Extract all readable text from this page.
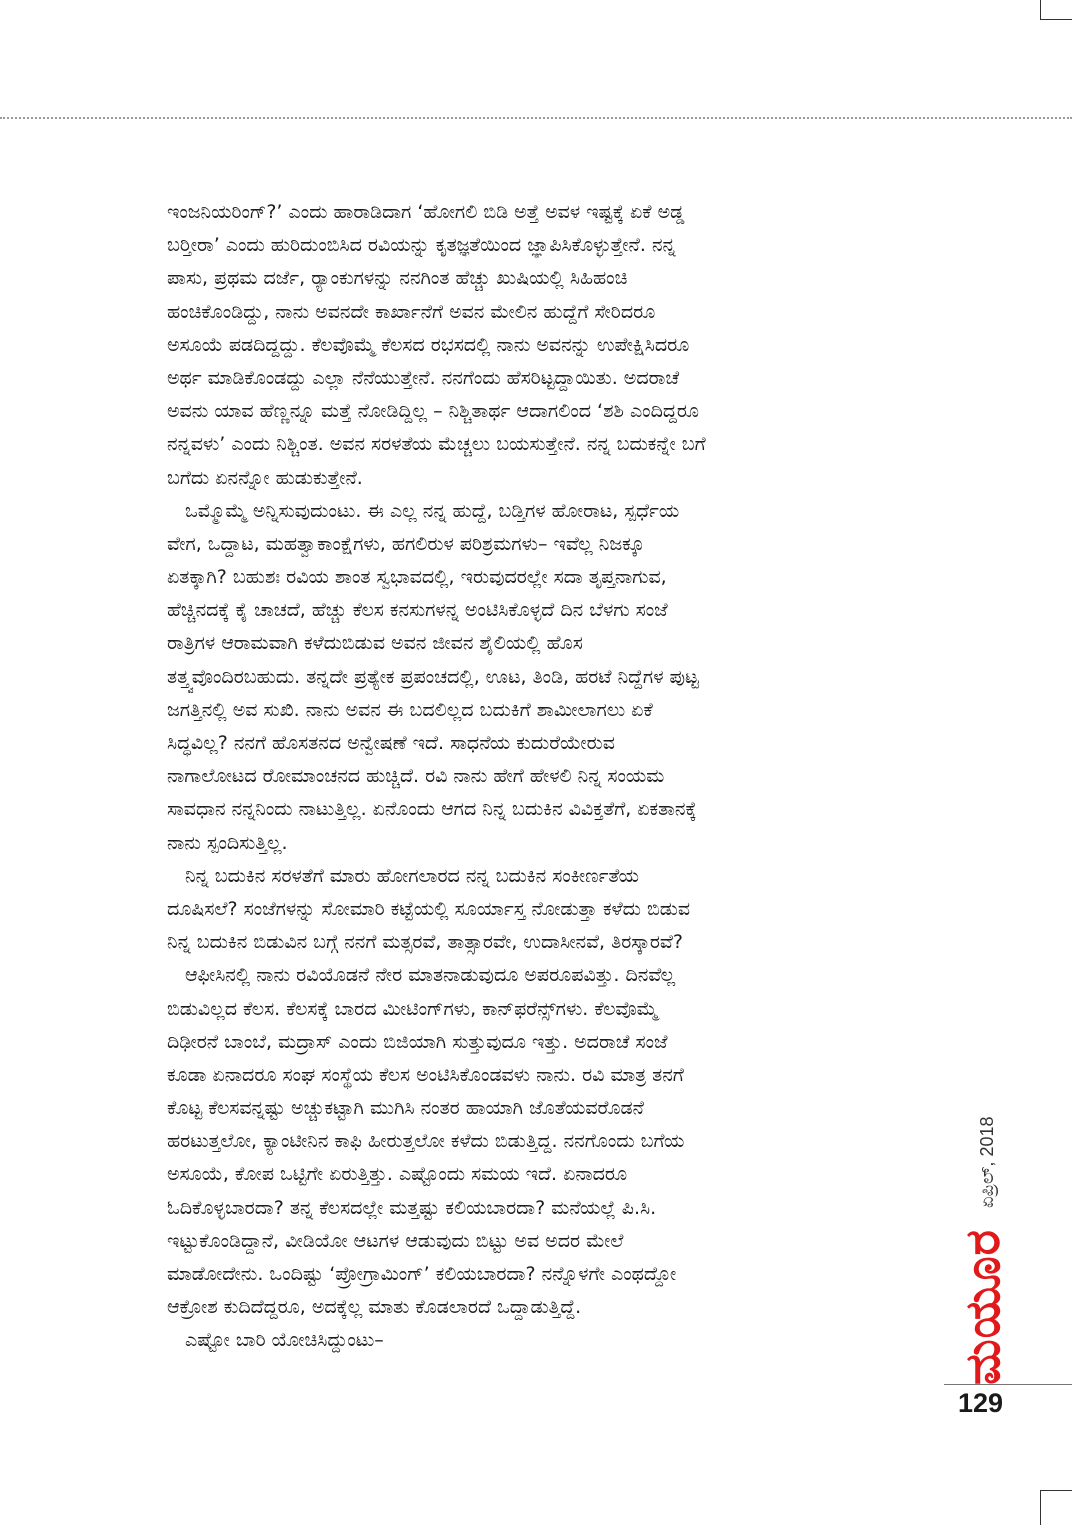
ಇಂಜನಿಯರಿಂಗ್?’ ಎಂದು ಹಾರಾಡಿದಾಗ ‘ಹೋಗಲಿ ಬಿಡಿ ಅತ್ತೆ ಅವಳ ಇಷ್ಟಕ್ಕೆ ಏಕೆ ಅಡ್ಡ
ಬರ್‍ತೀರಾ’ ಎಂದು ಹುರಿದುಂಬಿಸಿದ ರವಿಯನ್ನು ಕೃತಜ್ಞತೆಯಿಂದ ಜ್ಞಾಪಿಸಿಕೊಳ್ಳುತ್ತೇನೆ. ನನ್ನ
ಪಾಸು, ಪ್ರಥಮ ದರ್ಜೆ, ರ್‍ಯಾಂಕುಗಳನ್ನು ನನಗಿಂತ ಹೆಚ್ಚು ಖುಷಿಯಲ್ಲಿ ಸಿಹಿಹಂಚಿ
ಹಂಚಿಕೊಂಡಿದ್ದು, ನಾನು ಅವನದೇ ಕಾರ್ಖಾನೆಗೆ ಅವನ ಮೇಲಿನ ಹುದ್ದೆಗೆ ಸೇರಿದರೂ
ಅಸೂಯೆ ಪಡದಿದ್ದದ್ದು. ಕೆಲವೊಮ್ಮೆ ಕೆಲಸದ ರಭಸದಲ್ಲಿ ನಾನು ಅವನನ್ನು ಉಪೇಕ್ಷಿಸಿದರೂ
ಅರ್ಥ ಮಾಡಿಕೊಂಡದ್ದು ಎಲ್ಲಾ ನೆನೆಯುತ್ತೇನೆ. ನನಗೆಂದು ಹೆಸರಿಟ್ಟದ್ದಾಯಿತು. ಅದರಾಚೆ
ಅವನು ಯಾವ ಹೆಣ್ಣನ್ನೂ ಮತ್ತೆ ನೋಡಿದ್ದಿಲ್ಲ – ನಿಶ್ಚಿತಾರ್ಥ ಆದಾಗಲಿಂದ ‘ಶಶಿ ಎಂದಿದ್ದರೂ
ನನ್ನವಳು’ ಎಂದು ನಿಶ್ಚಿಂತ. ಅವನ ಸರಳತೆಯ ಮೆಚ್ಚಲು ಬಯಸುತ್ತೇನೆ. ನನ್ನ ಬದುಕನ್ನೇ ಬಗೆ
ಬಗೆದು ಏನನ್ನೋ ಹುಡುಕುತ್ತೇನೆ.
ಒಮ್ಮೊಮ್ಮೆ ಅನ್ನಿಸುವುದುಂಟು. ಈ ಎಲ್ಲ ನನ್ನ ಹುದ್ದೆ, ಬಡ್ತಿಗಳ ಹೋರಾಟ, ಸ್ಪರ್ಧೆಯ
ವೇಗ, ಒದ್ದಾಟ, ಮಹತ್ವಾಕಾಂಕ್ಷೆಗಳು, ಹಗಲಿರುಳ ಪರಿಶ್ರಮಗಳು– ಇವೆಲ್ಲ ನಿಜಕ್ಕೂ
ಏತಕ್ಕಾಗಿ? ಬಹುಶಃ ರವಿಯ ಶಾಂತ ಸ್ವಭಾವದಲ್ಲಿ, ಇರುವುದರಲ್ಲೇ ಸದಾ ತೃಪ್ತನಾಗುವ,
ಹೆಚ್ಚಿನದಕ್ಕೆ ಕೈ ಚಾಚದೆ, ಹೆಚ್ಚು ಕೆಲಸ ಕನಸುಗಳನ್ನ ಅಂಟಿಸಿಕೊಳ್ಳದೆ ದಿನ ಬೆಳಗು ಸಂಜೆ
ರಾತ್ರಿಗಳ ಆರಾಮವಾಗಿ ಕಳೆದುಬಿಡುವ ಅವನ ಜೀವನ ಶೈಲಿಯಲ್ಲಿ ಹೊಸ
ತತ್ತ್ವವೊಂದಿರಬಹುದು. ತನ್ನದೇ ಪ್ರತ್ಯೇಕ ಪ್ರಪಂಚದಲ್ಲಿ, ಊಟ, ತಿಂಡಿ, ಹರಟೆ ನಿದ್ದೆಗಳ ಪುಟ್ಟ
ಜಗತ್ತಿನಲ್ಲಿ ಅವ ಸುಖಿ. ನಾನು ಅವನ ಈ ಬದಲಿಲ್ಲದ ಬದುಕಿಗೆ ಶಾಮೀಲಾಗಲು ಏಕೆ
ಸಿದ್ಧವಿಲ್ಲ? ನನಗೆ ಹೊಸತನದ ಅನ್ವೇಷಣೆ ಇದೆ. ಸಾಧನೆಯ ಕುದುರೆಯೇರುವ
ನಾಗಾಲೋಟದ ರೋಮಾಂಚನದ ಹುಚ್ಚಿದೆ. ರವಿ ನಾನು ಹೇಗೆ ಹೇಳಲಿ ನಿನ್ನ ಸಂಯಮ
ಸಾವಧಾನ ನನ್ನನಿಂದು ನಾಟುತ್ತಿಲ್ಲ. ಏನೊಂದು ಆಗದ ನಿನ್ನ ಬದುಕಿನ ವಿವಿಕ್ತತೆಗೆ, ಏಕತಾನಕ್ಕೆ
ನಾನು ಸ್ಪಂದಿಸುತ್ತಿಲ್ಲ.
ನಿನ್ನ ಬದುಕಿನ ಸರಳತೆಗೆ ಮಾರು ಹೋಗಲಾರದ ನನ್ನ ಬದುಕಿನ ಸಂಕೀರ್ಣತೆಯ
ದೂಷಿಸಲೆ? ಸಂಜೆಗಳನ್ನು ಸೋಮಾರಿ ಕಟ್ಟೆಯಲ್ಲಿ ಸೂರ್ಯಾಸ್ತ ನೋಡುತ್ತಾ ಕಳೆದು ಬಿಡುವ
ನಿನ್ನ ಬದುಕಿನ ಬಿಡುವಿನ ಬಗ್ಗೆ ನನಗೆ ಮತ್ಸರವೆ, ತಾತ್ಸಾರವೇ, ಉದಾಸೀನವೆ, ತಿರಸ್ಕಾರವೆ?
ಆಫೀಸಿನಲ್ಲಿ ನಾನು ರವಿಯೊಡನೆ ನೇರ ಮಾತನಾಡುವುದೂ ಅಪರೂಪವಿತ್ತು. ದಿನವೆಲ್ಲ
ಬಿಡುವಿಲ್ಲದ ಕೆಲಸ. ಕೆಲಸಕ್ಕೆ ಬಾರದ ಮೀಟಿಂಗ್‌ಗಳು, ಕಾನ್‌ಫರೆನ್ಸ್‌ಗಳು. ಕೆಲವೊಮ್ಮೆ
ದಿಢೀರನೆ ಬಾಂಬೆ, ಮದ್ರಾಸ್ ಎಂದು ಬಿಜಿಯಾಗಿ ಸುತ್ತುವುದೂ ಇತ್ತು. ಅದರಾಚೆ ಸಂಜೆ
ಕೂಡಾ ಏನಾದರೂ ಸಂಘ ಸಂಸ್ಥೆಯ ಕೆಲಸ ಅಂಟಿಸಿಕೊಂಡವಳು ನಾನು. ರವಿ ಮಾತ್ರ ತನಗೆ
ಕೊಟ್ಟ ಕೆಲಸವನ್ನಷ್ಟು ಅಚ್ಚುಕಟ್ಟಾಗಿ ಮುಗಿಸಿ ನಂತರ ಹಾಯಾಗಿ ಜೊತೆಯವರೊಡನೆ
ಹರಟುತ್ತಲೋ, ಕ್ಯಾಂಟೀನಿನ ಕಾಫಿ ಹೀರುತ್ತಲೋ ಕಳೆದು ಬಿಡುತ್ತಿದ್ದ. ನನಗೊಂದು ಬಗೆಯ
ಅಸೂಯೆ, ಕೋಪ ಒಟ್ಟಿಗೇ ಏರುತ್ತಿತ್ತು. ಎಷ್ಟೊಂದು ಸಮಯ ಇದೆ. ಏನಾದರೂ
ಓದಿಕೊಳ್ಳಬಾರದಾ? ತನ್ನ ಕೆಲಸದಲ್ಲೇ ಮತ್ತಷ್ಟು ಕಲಿಯಬಾರದಾ? ಮನೆಯಲ್ಲೆ ಪಿ.ಸಿ.
ಇಟ್ಟುಕೊಂಡಿದ್ದಾನೆ, ವೀಡಿಯೋ ಆಟಗಳ ಆಡುವುದು ಬಿಟ್ಟು ಅವ ಅದರ ಮೇಲೆ
ಮಾಡೋದೇನು. ಒಂದಿಷ್ಟು ‘ಪ್ರೋಗ್ರಾಮಿಂಗ್’ ಕಲಿಯಬಾರದಾ? ನನ್ನೊಳಗೇ ಎಂಥದ್ದೋ
ಆಕ್ರೋಶ ಕುದಿದೆದ್ದರೂ, ಅದಕ್ಕೆಲ್ಲ ಮಾತು ಕೊಡಲಾರದೆ ಒದ್ದಾಡುತ್ತಿದ್ದೆ.
ಎಷ್ಟೋ ಬಾರಿ ಯೋಚಿಸಿದ್ದುಂಟು–
ಏಪ್ರಿಲ್, 2018
ಮಯೂರ
129
